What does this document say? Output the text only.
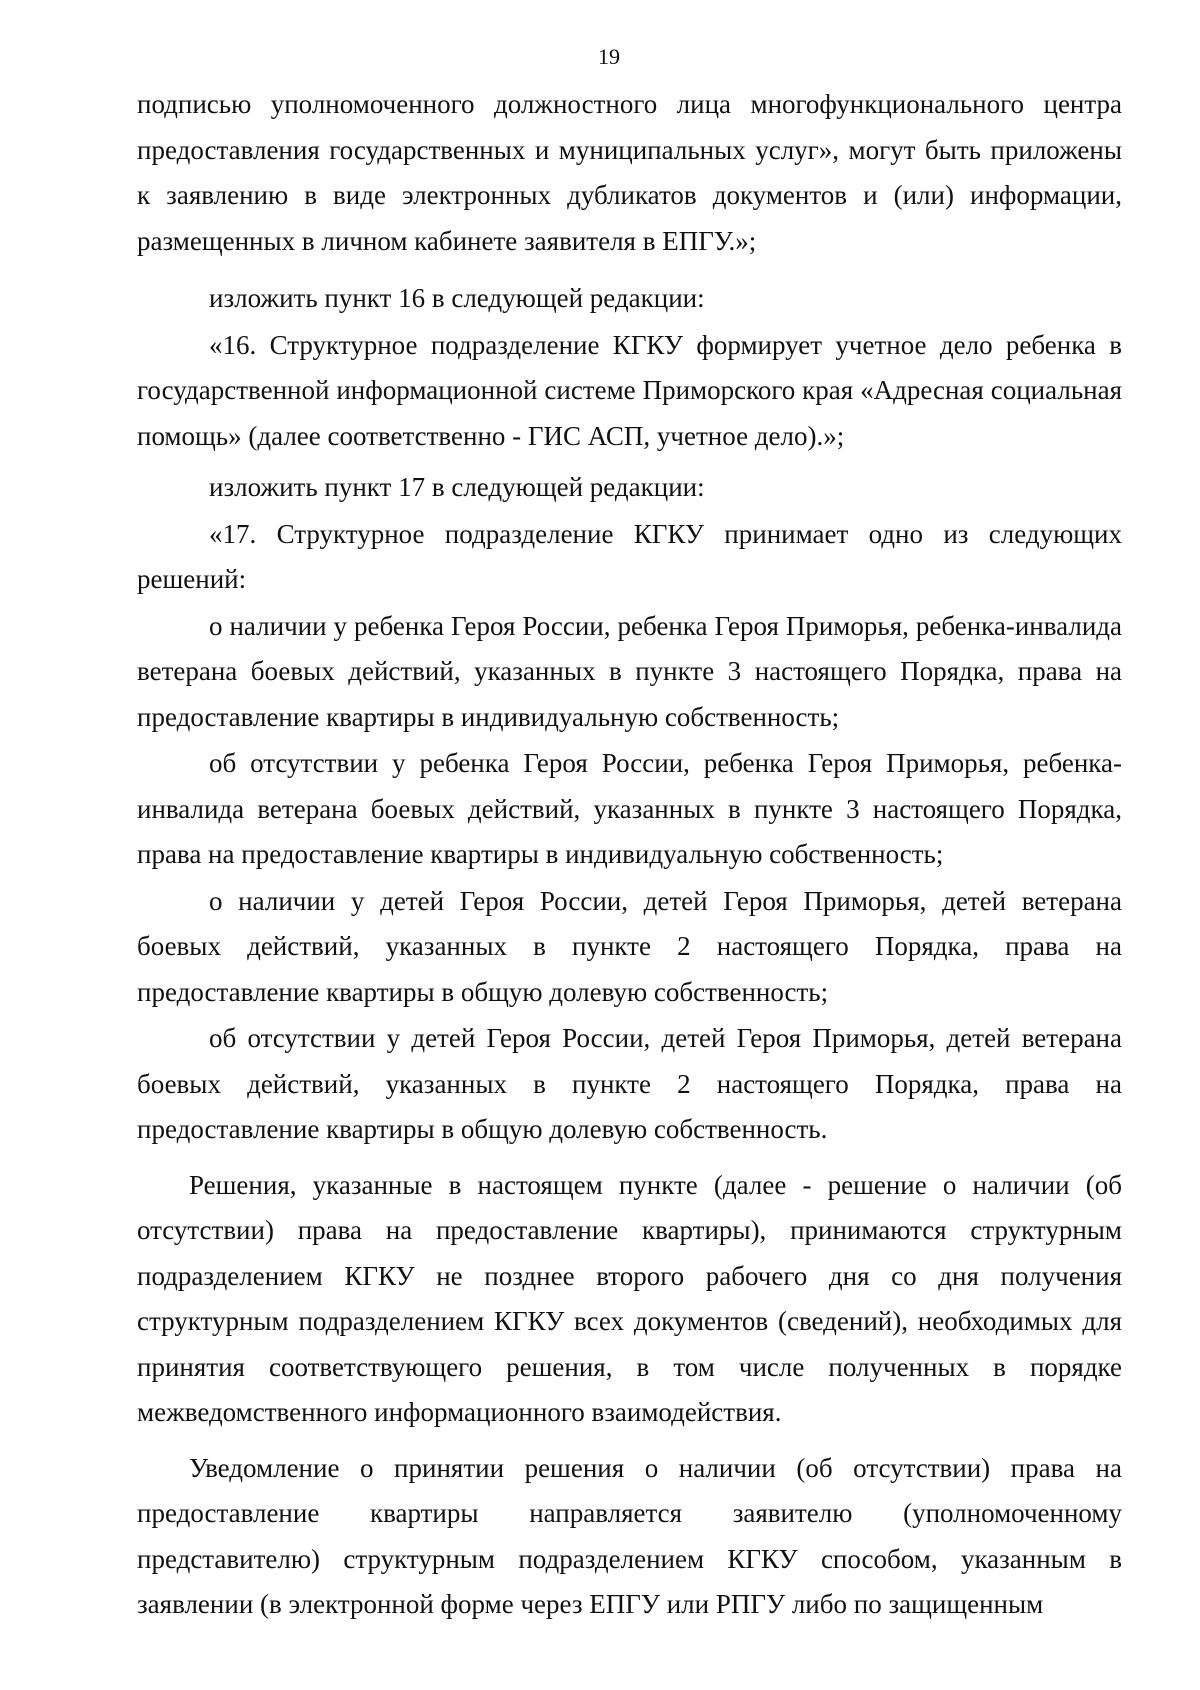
19

подписью уполномоченного должностного лица многофункционального центра предоставления государственных и муниципальных услуг», могут быть приложены к заявлению в виде электронных дубликатов документов и (или) информации, размещенных в личном кабинете заявителя в ЕПГУ.»;

изложить пункт 16 в следующей редакции:

«16. Структурное подразделение КГКУ формирует учетное дело ребенка в государственной информационной системе Приморского края «Адресная социальная помощь» (далее соответственно - ГИС АСП, учетное дело).»;

изложить пункт 17 в следующей редакции:

«17. Структурное подразделение КГКУ принимает одно из следующих решений:

о наличии у ребенка Героя России, ребенка Героя Приморья, ребенка-инвалида ветерана боевых действий, указанных в пункте 3 настоящего Порядка, права на предоставление квартиры в индивидуальную собственность;

об отсутствии у ребенка Героя России, ребенка Героя Приморья, ребенка-инвалида ветерана боевых действий, указанных в пункте 3 настоящего Порядка, права на предоставление квартиры в индивидуальную собственность;

о наличии у детей Героя России, детей Героя Приморья, детей ветерана боевых действий, указанных в пункте 2 настоящего Порядка, права на предоставление квартиры в общую долевую собственность;

об отсутствии у детей Героя России, детей Героя Приморья, детей ветерана боевых действий, указанных в пункте 2 настоящего Порядка, права на предоставление квартиры в общую долевую собственность.

Решения, указанные в настоящем пункте (далее - решение о наличии (об отсутствии) права на предоставление квартиры), принимаются структурным подразделением КГКУ не позднее второго рабочего дня со дня получения структурным подразделением КГКУ всех документов (сведений), необходимых для принятия соответствующего решения, в том числе полученных в порядке межведомственного информационного взаимодействия.

Уведомление о принятии решения о наличии (об отсутствии) права на предоставление квартиры направляется заявителю (уполномоченному представителю) структурным подразделением КГКУ способом, указанным в заявлении (в электронной форме через ЕПГУ или РПГУ либо по защищенным
